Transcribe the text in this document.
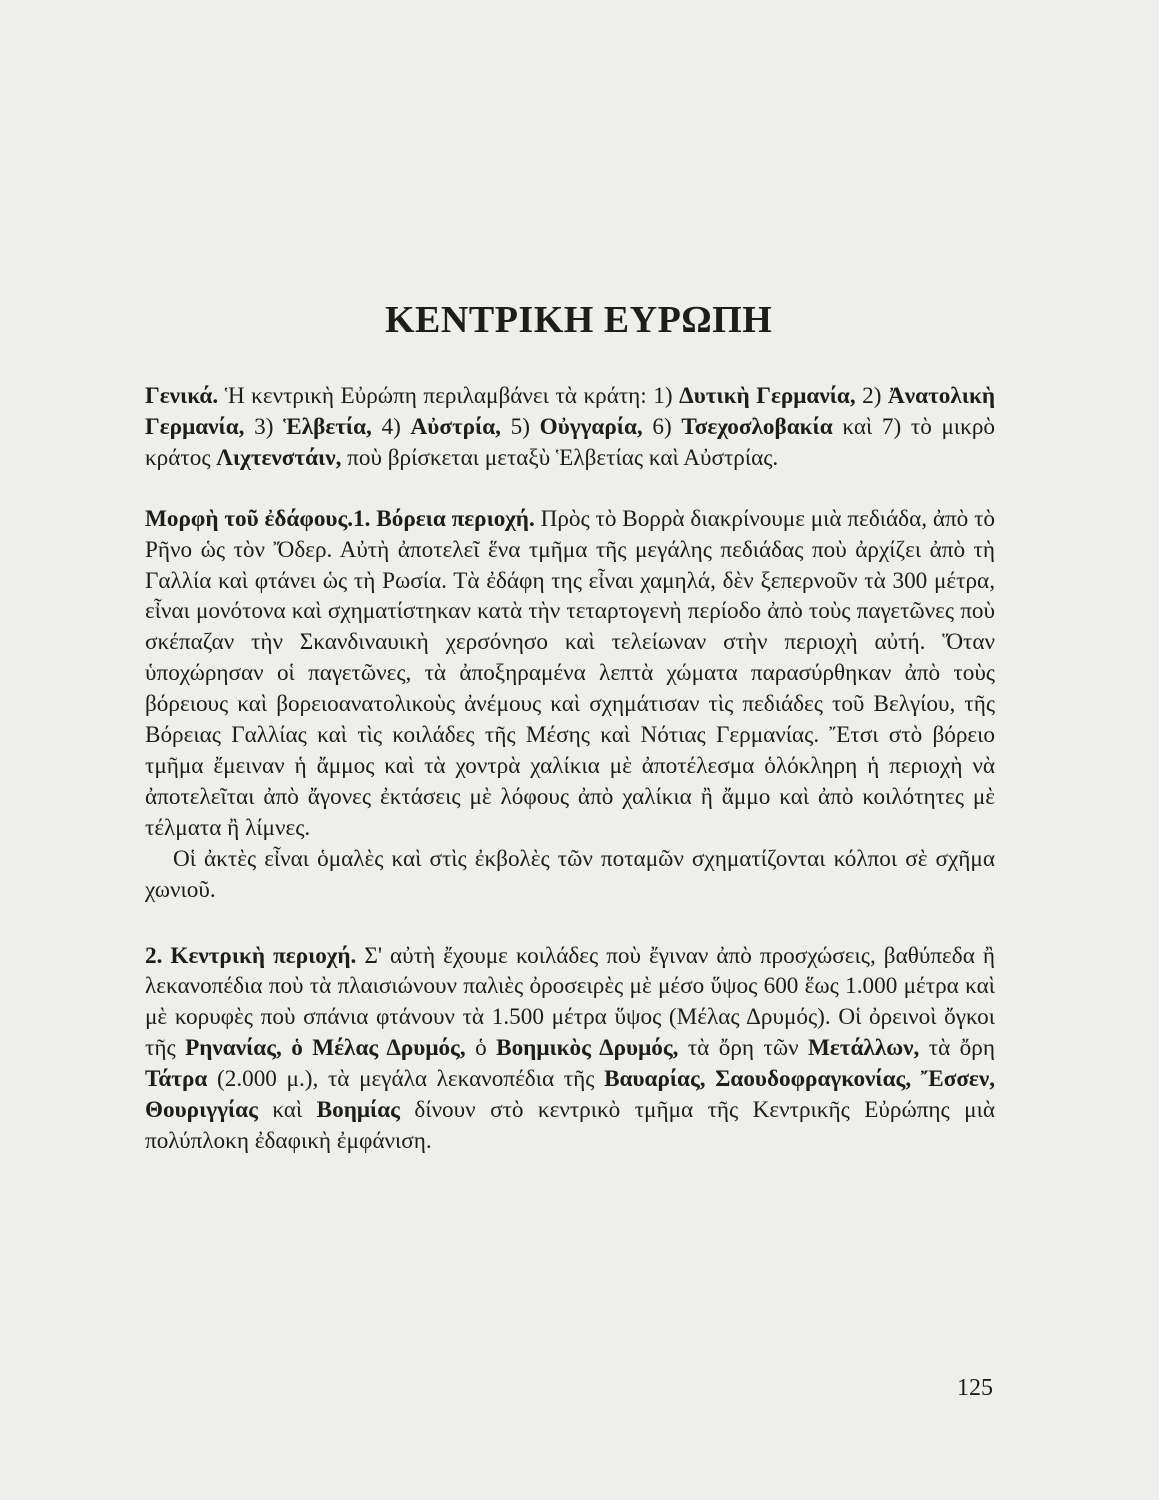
ΚΕΝΤΡΙΚΗ ΕΥΡΩΠΗ

Γενικά. Ἡ κεντρικὴ Εὐρώπη περιλαμβάνει τὰ κράτη: 1) Δυτικὴ Γερμανία, 2) Ἀνατολικὴ Γερμανία, 3) Ἑλβετία, 4) Αὐστρία, 5) Οὐγγαρία, 6) Τσεχοσλοβακία καὶ 7) τὸ μικρὸ κράτος Λιχτενστάιν, ποὺ βρίσκεται μεταξὺ Ἑλβετίας καὶ Αὐστρίας.

Μορφὴ τοῦ ἐδάφους.1. Βόρεια περιοχή. Πρὸς τὸ Βορρὰ διακρίνουμε μιὰ πεδιάδα, ἀπὸ τὸ Ρῆνο ὡς τὸν Ὄδερ. Αὐτὴ ἀποτελεῖ ἕνα τμῆμα τῆς μεγάλης πεδιάδας ποὺ ἀρχίζει ἀπὸ τὴ Γαλλία καὶ φτάνει ὡς τὴ Ρωσία. Τὰ ἐδάφη της εἶναι χαμηλά, δὲν ξεπερνοῦν τὰ 300 μέτρα, εἶναι μονότονα καὶ σχηματίστηκαν κατὰ τὴν τεταρτογενὴ περίοδο ἀπὸ τοὺς παγετῶνες ποὺ σκέπαζαν τὴν Σκανδιναυικὴ χερσόνησο καὶ τελείωναν στὴν περιοχὴ αὐτή. Ὅταν ὑποχώρησαν οἱ παγετῶνες, τὰ ἀποξηραμένα λεπτὰ χώματα παρασύρθηκαν ἀπὸ τοὺς βόρειους καὶ βορειοανατολικοὺς ἀνέμους καὶ σχημάτισαν τὶς πεδιάδες τοῦ Βελγίου, τῆς Βόρειας Γαλλίας καὶ τὶς κοιλάδες τῆς Μέσης καὶ Νότιας Γερμανίας. Ἔτσι στὸ βόρειο τμῆμα ἔμειναν ἡ ἄμμος καὶ τὰ χοντρὰ χαλίκια μὲ ἀποτέλεσμα ὁλόκληρη ἡ περιοχὴ νὰ ἀποτελεῖται ἀπὸ ἄγονες ἐκτάσεις μὲ λόφους ἀπὸ χαλίκια ἢ ἄμμο καὶ ἀπὸ κοιλότητες μὲ τέλματα ἢ λίμνες.

Οἱ ἀκτὲς εἶναι ὁμαλὲς καὶ στὶς ἐκβολὲς τῶν ποταμῶν σχηματίζονται κόλποι σὲ σχῆμα χωνιοῦ.

2. Κεντρικὴ περιοχή. Σ' αὐτὴ ἔχουμε κοιλάδες ποὺ ἔγιναν ἀπὸ προσχώσεις, βαθύπεδα ἢ λεκανοπέδια ποὺ τὰ πλαισιώνουν παλιὲς ὀροσειρὲς μὲ μέσο ὕψος 600 ἕως 1.000 μέτρα καὶ μὲ κορυφὲς ποὺ σπάνια φτάνουν τὰ 1.500 μέτρα ὕψος (Μέλας Δρυμός). Οἱ ὀρεινοὶ ὄγκοι τῆς Ρηνανίας, ὁ Μέλας Δρυμός, ὁ Βοημικὸς Δρυμός, τὰ ὄρη τῶν Μετάλλων, τὰ ὄρη Τάτρα (2.000 μ.), τὰ μεγάλα λεκανοπέδια τῆς Βαυαρίας, Σαουδοφραγκονίας, Ἔσσεν, Θουριγγίας καὶ Βοημίας δίνουν στὸ κεντρικὸ τμῆμα τῆς Κεντρικῆς Εὐρώπης μιὰ πολύπλοκη ἐδαφικὴ ἐμφάνιση.

125
